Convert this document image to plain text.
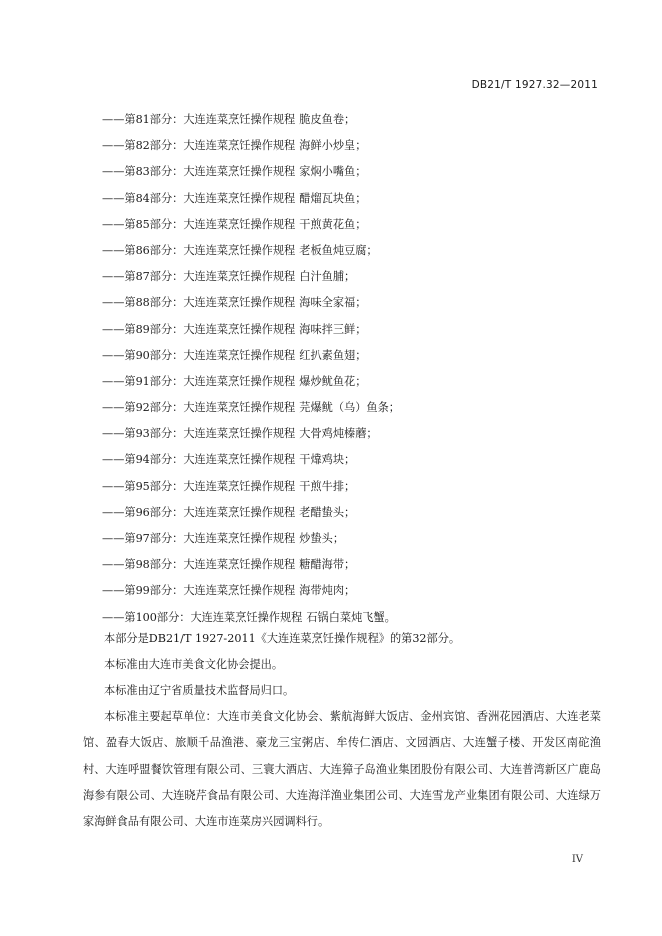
DB21/T 1927.32—2011
——第81部分：大连连菜烹饪操作规程 脆皮鱼卷；
——第82部分：大连连菜烹饪操作规程 海鲜小炒皇；
——第83部分：大连连菜烹饪操作规程 家焖小嘴鱼；
——第84部分：大连连菜烹饪操作规程 醋熘瓦块鱼；
——第85部分：大连连菜烹饪操作规程 干煎黄花鱼；
——第86部分：大连连菜烹饪操作规程 老板鱼炖豆腐；
——第87部分：大连连菜烹饪操作规程 白汁鱼脯；
——第88部分：大连连菜烹饪操作规程 海味全家福；
——第89部分：大连连菜烹饪操作规程 海味拌三鲜；
——第90部分：大连连菜烹饪操作规程 红扒素鱼翅；
——第91部分：大连连菜烹饪操作规程 爆炒鱿鱼花；
——第92部分：大连连菜烹饪操作规程 芫爆鱿（乌）鱼条；
——第93部分：大连连菜烹饪操作规程 大骨鸡炖榛蘑；
——第94部分：大连连菜烹饪操作规程 干㸆鸡块；
——第95部分：大连连菜烹饪操作规程 干煎牛排；
——第96部分：大连连菜烹饪操作规程 老醋蛰头；
——第97部分：大连连菜烹饪操作规程 炒蛰头；
——第98部分：大连连菜烹饪操作规程 糖醋海带；
——第99部分：大连连菜烹饪操作规程 海带炖肉；
——第100部分：大连连菜烹饪操作规程 石锅白菜炖飞蟹。

本部分是DB21/T 1927-2011《大连连菜烹饪操作规程》的第32部分。

本标准由大连市美食文化协会提出。

本标准由辽宁省质量技术监督局归口。

本标准主要起草单位：大连市美食文化协会、紫航海鲜大饭店、金州宾馆、香洲花园酒店、大连老菜馆、盈春大饭店、旅顺千品渔港、豪龙三宝粥店、牟传仁酒店、文园酒店、大连蟹子楼、开发区南砣渔村、大连呼盟餐饮管理有限公司、三寰大酒店、大连獐子岛渔业集团股份有限公司、大连普湾新区广鹿岛海参有限公司、大连晓芹食品有限公司、大连海洋渔业集团公司、大连雪龙产业集团有限公司、大连绿万家海鲜食品有限公司、大连市连菜房兴园调料行。

IV
